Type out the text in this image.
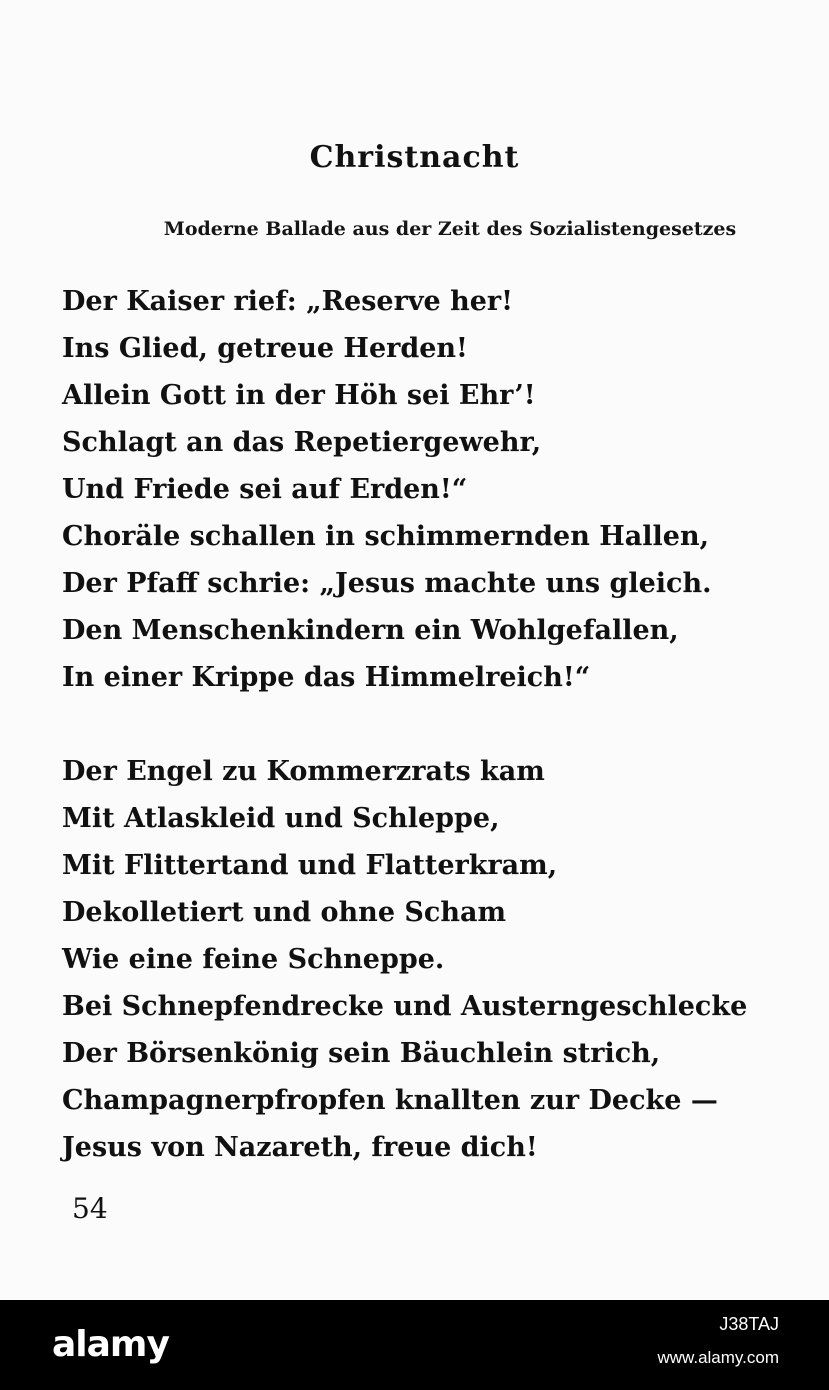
Christnacht
Moderne Ballade aus der Zeit des Sozialistengesetzes
Der Kaiser rief: „Reserve her!
Ins Glied, getreue Herden!
Allein Gott in der Höh sei Ehr’!
Schlagt an das Repetiergewehr,
Und Friede sei auf Erden!“
Choräle schallen in schimmernden Hallen,
Der Pfaff schrie: „Jesus machte uns gleich.
Den Menschenkindern ein Wohlgefallen,
In einer Krippe das Himmelreich!“
Der Engel zu Kommerzrats kam
Mit Atlaskleid und Schleppe,
Mit Flittertand und Flatterkram,
Dekolletiert und ohne Scham
Wie eine feine Schneppe.
Bei Schnepfendrecke und Austerngeschlecke
Der Börsenkönig sein Bäuchlein strich,
Champagnerpfropfen knallten zur Decke —
Jesus von Nazareth, freue dich!
54
alamy	J38TAJ
www.alamy.com
